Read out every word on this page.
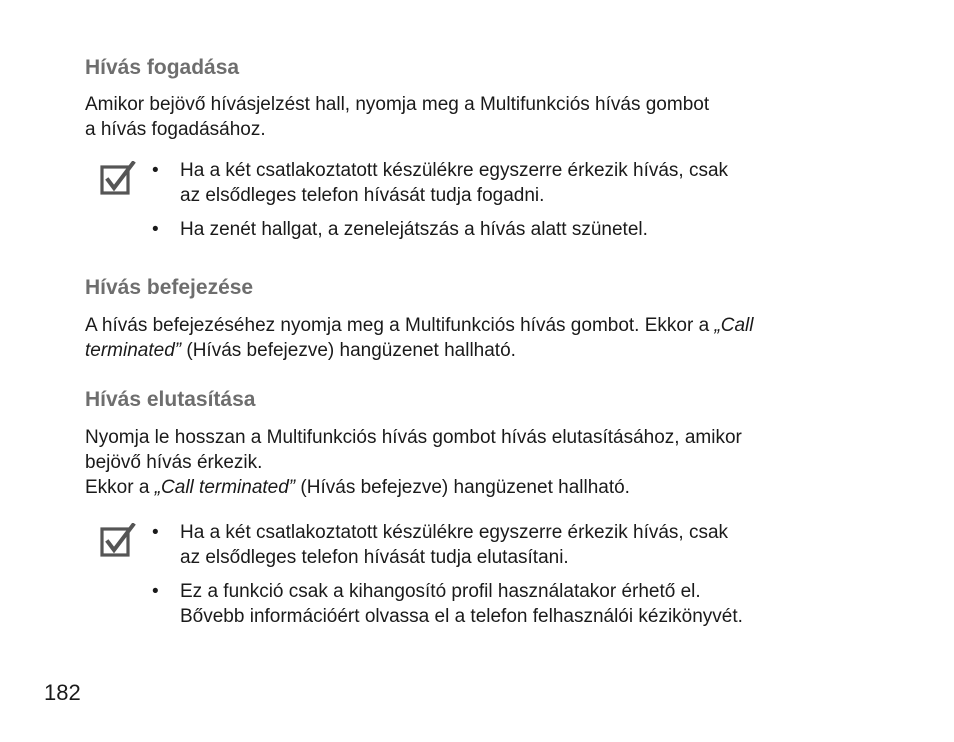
Hívás fogadása

Amikor bejövő hívásjelzést hall, nyomja meg a Multifunkciós hívás gombot
a hívás fogadásához.

• Ha a két csatlakoztatott készülékre egyszerre érkezik hívás, csak
az elsődleges telefon hívását tudja fogadni.
• Ha zenét hallgat, a zenelejátszás a hívás alatt szünetel.
Hívás befejezése

A hívás befejezéséhez nyomja meg a Multifunkciós hívás gombot. Ekkor a „Call
terminated” (Hívás befejezve) hangüzenet hallható.

Hívás elutasítása

Nyomja le hosszan a Multifunkciós hívás gombot hívás elutasításához, amikor
bejövő hívás érkezik.
Ekkor a „Call terminated” (Hívás befejezve) hangüzenet hallható.

• Ha a két csatlakoztatott készülékre egyszerre érkezik hívás, csak
az elsődleges telefon hívását tudja elutasítani.
• Ez a funkció csak a kihangosító profil használatakor érhető el.
Bővebb információért olvassa el a telefon felhasználói kézikönyvét.
182
